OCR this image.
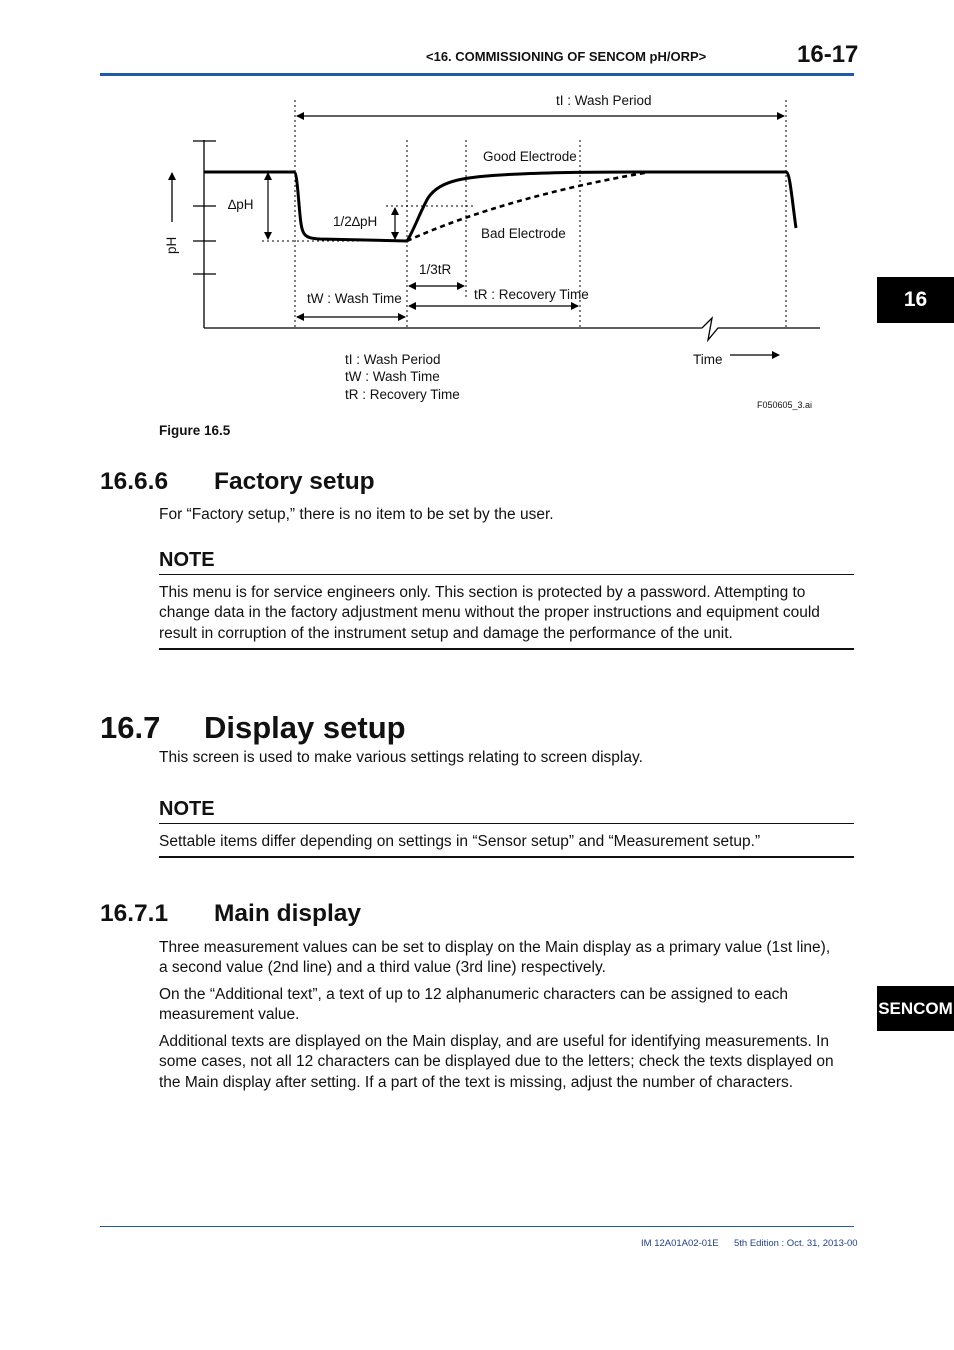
<16. COMMISSIONING OF SENCOM pH/ORP>	16-17
tI : Wash Period
Good Electrode
Bad Electrode
∆pH
1/2∆pH
pH
1/3tR
tW : Wash Time	tR : Recovery Time
Time
tI : Wash Period
tW : Wash Time
tR : Recovery Time
F050605_3.ai
Figure 16.5
16.6.6 Factory setup

For “Factory setup,” there is no item to be set by the user.

NOTE

This menu is for service engineers only. This section is protected by a password. Attempting to change data in the factory adjustment menu without the proper instructions and equipment could result in corruption of the instrument setup and damage the performance of the unit.

16.7 Display setup

This screen is used to make various settings relating to screen display.

NOTE

Settable items differ depending on settings in “Sensor setup” and “Measurement setup.”

16.7.1 Main display

Three measurement values can be set to display on the Main display as a primary value (1st line), a second value (2nd line) and a third value (3rd line) respectively.

On the “Additional text”, a text of up to 12 alphanumeric characters can be assigned to each measurement value.

Additional texts are displayed on the Main display, and are useful for identifying measurements. In some cases, not all 12 characters can be displayed due to the letters; check the texts displayed on the Main display after setting. If a part of the text is missing, adjust the number of characters.

16
SENCOM
IM 12A01A02-01E 5th Edition : Oct. 31, 2013-00
